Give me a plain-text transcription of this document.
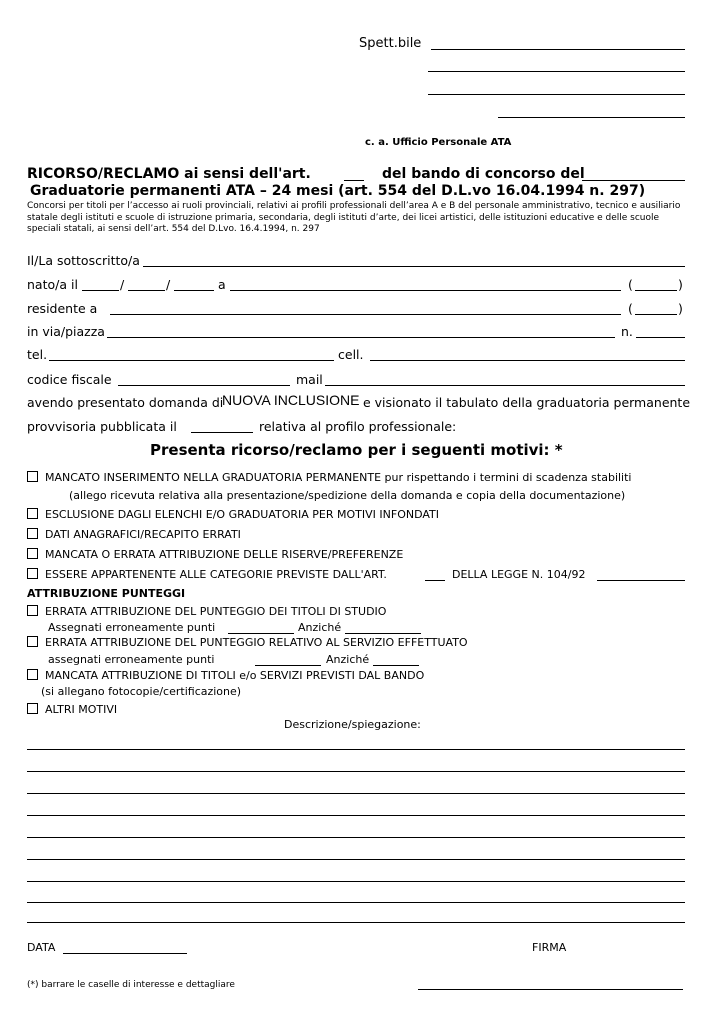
Spett.bile
c. a. Ufficio Personale ATA
RICORSO/RECLAMO ai sensi dell'art.	del bando di concorso del
Graduatorie permanenti ATA – 24 mesi (art. 554 del D.L.vo 16.04.1994 n. 297)
Concorsi per titoli per l’accesso ai ruoli provinciali, relativi ai profili professionali dell’area A e B del personale amministrativo, tecnico e ausiliario statale degli istituti e scuole di istruzione primaria, secondaria, degli istituti d’arte, dei licei artistici, delle istituzioni educative e delle scuole speciali statali, ai sensi dell’art. 554 del D.Lvo. 16.4.1994, n. 297
Il/La sottoscritto/a
nato/a il	/	/	a	(	)
residente a	(	)
in via/piazza	n.
tel.	cell.
codice fiscale	mail
avendo presentato domanda di
NUOVA INCLUSIONE e visionato il tabulato della graduatoria permanente
provvisoria pubblicata il	relativa al profilo professionale:
Presenta ricorso/reclamo per i seguenti motivi: *
MANCATO INSERIMENTO NELLA GRADUATORIA PERMANENTE pur rispettando i termini di scadenza stabiliti
(allego ricevuta relativa alla presentazione/spedizione della domanda e copia della documentazione)
ESCLUSIONE DAGLI ELENCHI E/O GRADUATORIA PER MOTIVI INFONDATI
DATI ANAGRAFICI/RECAPITO ERRATI
MANCATA O ERRATA ATTRIBUZIONE DELLE RISERVE/PREFERENZE
ESSERE APPARTENENTE ALLE CATEGORIE PREVISTE DALL'ART.	DELLA LEGGE N. 104/92
ATTRIBUZIONE PUNTEGGI
ERRATA ATTRIBUZIONE DEL PUNTEGGIO DEI TITOLI DI STUDIO
Assegnati erroneamente punti	Anziché
ERRATA ATTRIBUZIONE DEL PUNTEGGIO RELATIVO AL SERVIZIO EFFETTUATO
assegnati erroneamente punti	Anziché
MANCATA ATTRIBUZIONE DI TITOLI e/o SERVIZI PREVISTI DAL BANDO
(si allegano fotocopie/certificazione)
ALTRI MOTIVI
Descrizione/spiegazione:
DATA	FIRMA
(*) barrare le caselle di interesse e dettagliare
